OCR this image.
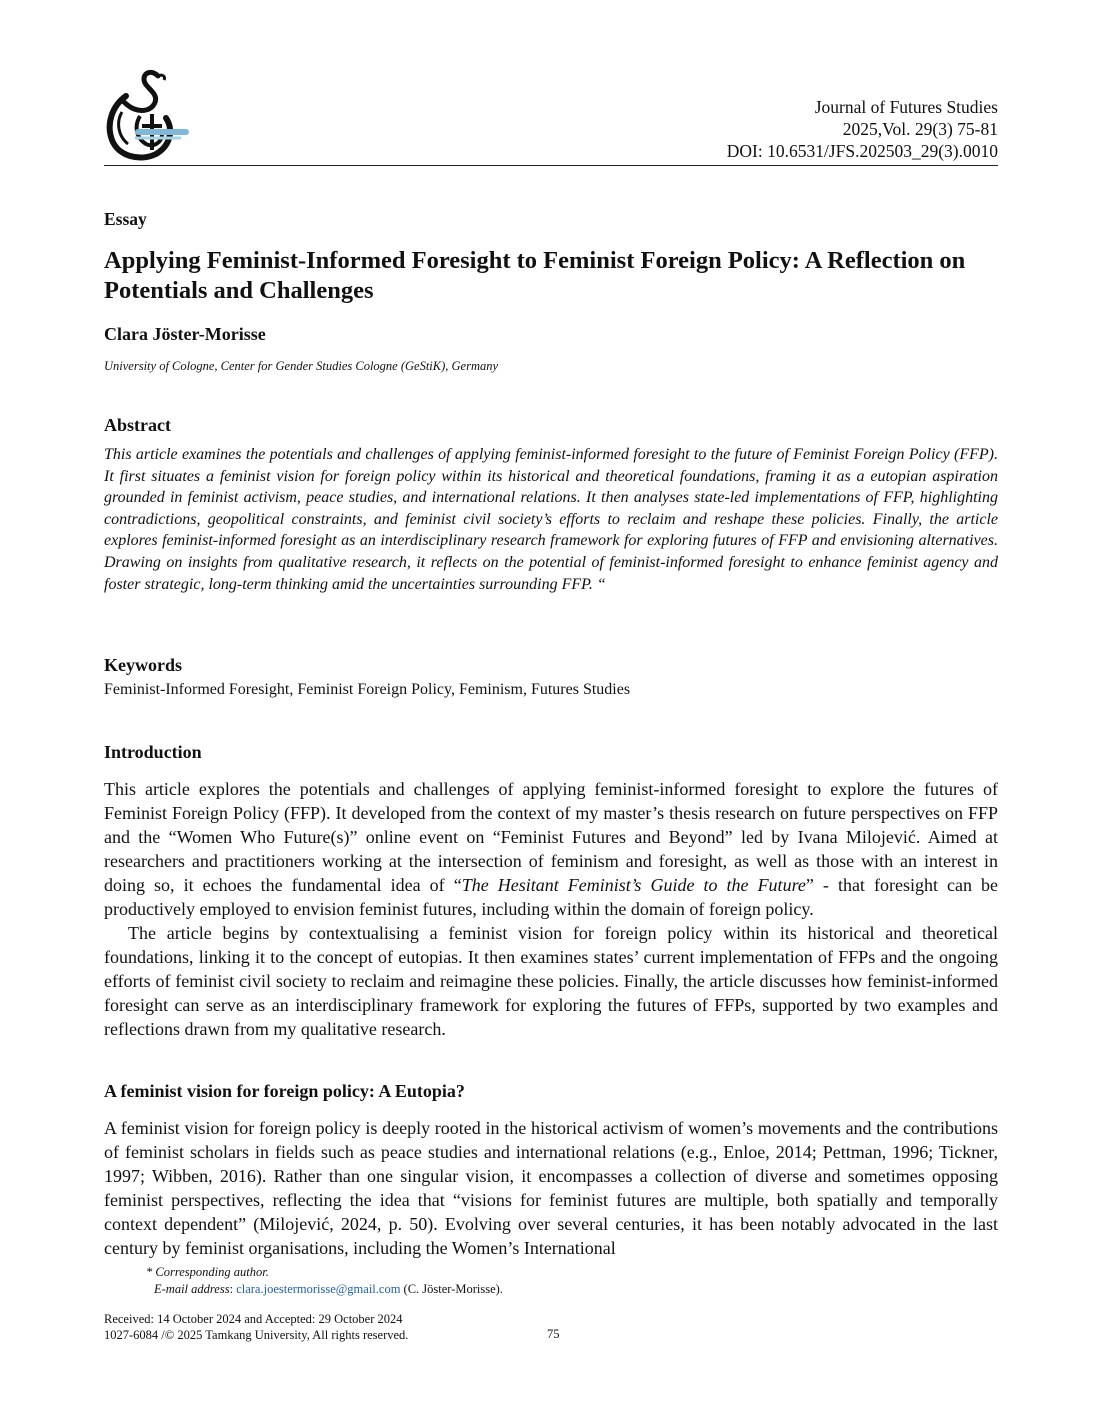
Journal of Futures Studies
2025,Vol. 29(3) 75-81
DOI: 10.6531/JFS.202503_29(3).0010
Essay
Applying Feminist-Informed Foresight to Feminist Foreign Policy: A Reflection on Potentials and Challenges
Clara Jöster-Morisse
University of Cologne, Center for Gender Studies Cologne (GeStiK), Germany
Abstract
This article examines the potentials and challenges of applying feminist-informed foresight to the future of Feminist Foreign Policy (FFP). It first situates a feminist vision for foreign policy within its historical and theoretical foundations, framing it as a eutopian aspiration grounded in feminist activism, peace studies, and international relations. It then analyses state-led implementations of FFP, highlighting contradictions, geopolitical constraints, and feminist civil society’s efforts to reclaim and reshape these policies. Finally, the article explores feminist-informed foresight as an interdisciplinary research framework for exploring futures of FFP and envisioning alternatives. Drawing on insights from qualitative research, it reflects on the potential of feminist-informed foresight to enhance feminist agency and foster strategic, long-term thinking amid the uncertainties surrounding FFP. “
Keywords
Feminist-Informed Foresight, Feminist Foreign Policy, Feminism, Futures Studies
Introduction

This article explores the potentials and challenges of applying feminist-informed foresight to explore the futures of Feminist Foreign Policy (FFP). It developed from the context of my master’s thesis research on future perspectives on FFP and the “Women Who Future(s)” online event on “Feminist Futures and Beyond” led by Ivana Milojević. Aimed at researchers and practitioners working at the intersection of feminism and foresight, as well as those with an interest in doing so, it echoes the fundamental idea of “The Hesitant Feminist’s Guide to the Future” - that foresight can be productively employed to envision feminist futures, including within the domain of foreign policy.

The article begins by contextualising a feminist vision for foreign policy within its historical and theoretical foundations, linking it to the concept of eutopias. It then examines states’ current implementation of FFPs and the ongoing efforts of feminist civil society to reclaim and reimagine these policies. Finally, the article discusses how feminist-informed foresight can serve as an interdisciplinary framework for exploring the futures of FFPs, supported by two examples and reflections drawn from my qualitative research.

A feminist vision for foreign policy: A Eutopia?

A feminist vision for foreign policy is deeply rooted in the historical activism of women’s movements and the contributions of feminist scholars in fields such as peace studies and international relations (e.g., Enloe, 2014; Pettman, 1996; Tickner, 1997; Wibben, 2016). Rather than one singular vision, it encompasses a collection of diverse and sometimes opposing feminist perspectives, reflecting the idea that “visions for feminist futures are multiple, both spatially and temporally context dependent” (Milojević, 2024, p. 50). Evolving over several centuries, it has been notably advocated in the last century by feminist organisations, including the Women’s International

* Corresponding author.
E-mail address: clara.joestermorisse@gmail.com (C. Jöster-Morisse).
Received: 14 October 2024 and Accepted: 29 October 2024
1027-6084 /© 2025 Tamkang University, All rights reserved.	75
